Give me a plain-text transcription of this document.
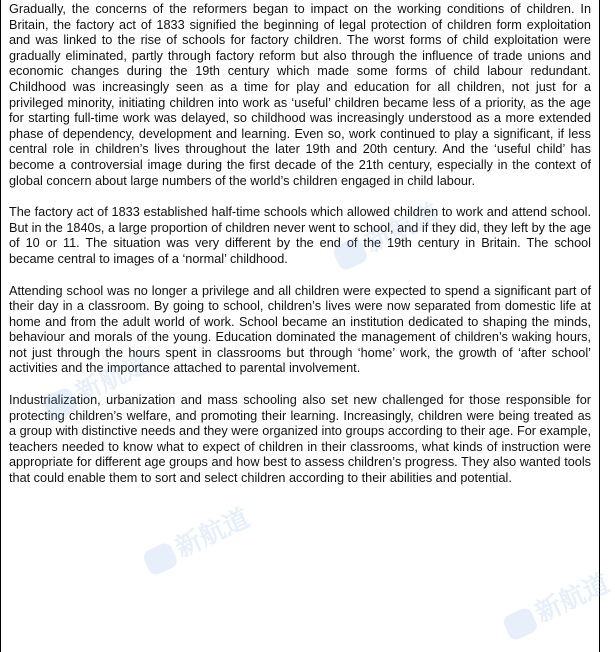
Gradually, the concerns of the reformers began to impact on the working conditions of children. In Britain, the factory act of 1833 signified the beginning of legal protection of children form exploitation and was linked to the rise of schools for factory children. The worst forms of child exploitation were gradually eliminated, partly through factory reform but also through the influence of trade unions and economic changes during the 19th century which made some forms of child labour redundant. Childhood was increasingly seen as a time for play and education for all children, not just for a privileged minority, initiating children into work as ‘useful’ children became less of a priority, as the age for starting full-time work was delayed, so childhood was increasingly understood as a more extended phase of dependency, development and learning. Even so, work continued to play a significant, if less central role in children’s lives throughout the later 19th and 20th century. And the ‘useful child’ has become a controversial image during the first decade of the 21th century, especially in the context of global concern about large numbers of the world’s children engaged in child labour.

The factory act of 1833 established half-time schools which allowed children to work and attend school. But in the 1840s, a large proportion of children never went to school, and if they did, they left by the age of 10 or 11. The situation was very different by the end of the 19th century in Britain. The school became central to images of a ‘normal’ childhood.

Attending school was no longer a privilege and all children were expected to spend a significant part of their day in a classroom. By going to school, children’s lives were now separated from domestic life at home and from the adult world of work. School became an institution dedicated to shaping the minds, behaviour and morals of the young. Education dominated the management of children’s waking hours, not just through the hours spent in classrooms but through ‘home’ work, the growth of ‘after school’ activities and the importance attached to parental involvement.

Industrialization, urbanization and mass schooling also set new challenged for those responsible for protecting children’s welfare, and promoting their learning. Increasingly, children were being treated as a group with distinctive needs and they were organized into groups according to their age. For example, teachers needed to know what to expect of children in their classrooms, what kinds of instruction were appropriate for different age groups and how best to assess children’s progress. They also wanted tools that could enable them to sort and select children according to their abilities and potential.

新航道
新航道
新航道
新航道
